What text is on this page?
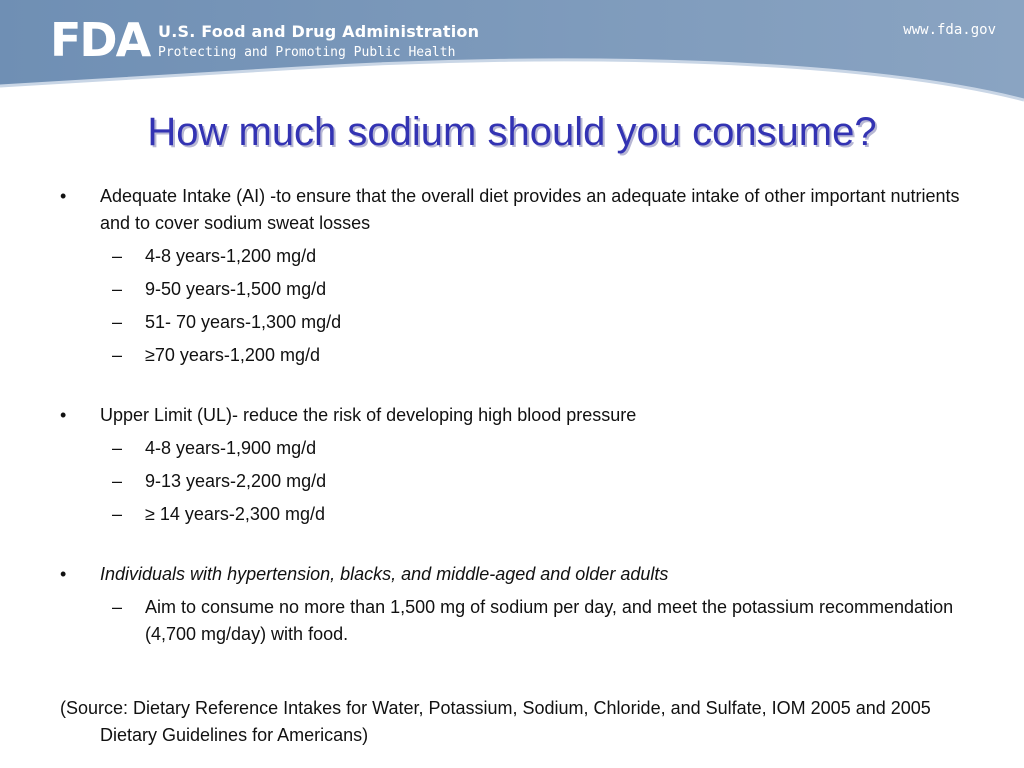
FDA U.S. Food and Drug Administration
Protecting and Promoting Public Health
www.fda.gov
How much sodium should you consume?

• Adequate Intake (AI) -to ensure that the overall diet provides an adequate intake of other important nutrients and to cover sodium sweat losses

– 4-8 years-1,200 mg/d

– 9-50 years-1,500 mg/d

– 51- 70 years-1,300 mg/d

– ≥70 years-1,200 mg/d

• Upper Limit (UL)- reduce the risk of developing high blood pressure

– 4-8 years-1,900 mg/d

– 9-13 years-2,200 mg/d

– ≥ 14 years-2,300 mg/d

• Individuals with hypertension, blacks, and middle-aged and older adults

– Aim to consume no more than 1,500 mg of sodium per day, and meet the potassium recommendation (4,700 mg/day) with food.

(Source: Dietary Reference Intakes for Water, Potassium, Sodium, Chloride, and Sulfate, IOM 2005 and 2005 Dietary Guidelines for Americans)
